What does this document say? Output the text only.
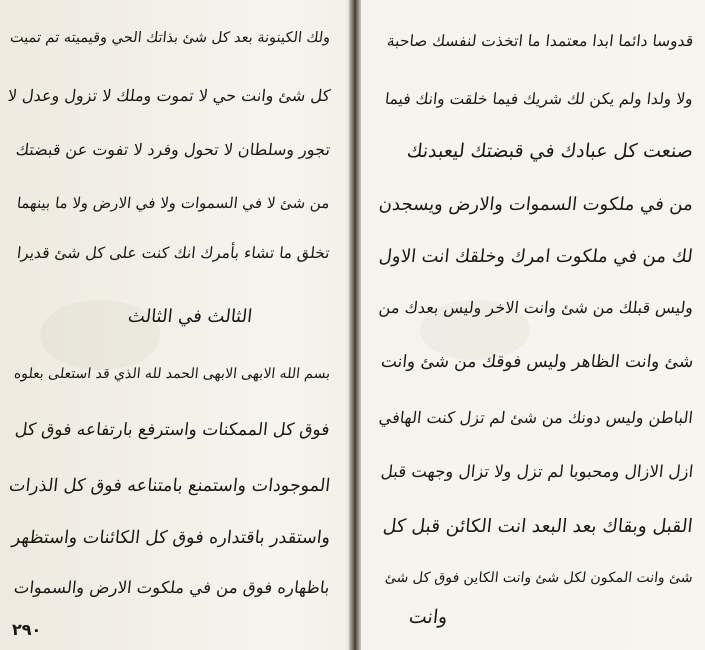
ولك الكينونة بعد كل شئ بذاتك الحي وقيميته تم تميت
كل شئ وانت حي لا تموت وملك لا تزول وعدل لا
تجور وسلطان لا تحول وفرد لا تفوت عن قبضتك
من شئ لا في السموات ولا في الارض ولا ما بينهما
تخلق ما تشاء بأمرك انك كنت على كل شئ قديرا
الثالث في الثالث
بسم الله الابهى الابهى الحمد لله الذي قد استعلى بعلوه
فوق كل الممكنات واسترفع بارتفاعه فوق كل
الموجودات واستمنع بامتناعه فوق كل الذرات
واستقدر باقتداره فوق كل الكائنات واستظهر
باظهاره فوق من في ملكوت الارض والسموات
٢٩٠
قدوسا دائما ابدا معتمدا ما اتخذت لنفسك صاحبة
ولا ولدا ولم يكن لك شريك فيما خلقت وانك فيما
صنعت كل عبادك في قبضتك ليعبدنك
من في ملكوت السموات والارض ويسجدن
لك من في ملكوت امرك وخلقك انت الاول
وليس قبلك من شئ وانت الاخر وليس بعدك من
شئ وانت الظاهر وليس فوقك من شئ وانت
الباطن وليس دونك من شئ لم تزل كنت الهافي
ازل الازال ومحبوبا لم تزل ولا تزال وجهت قبل
القبل وبقاك بعد البعد انت الكائن قبل كل
شئ وانت المكون لكل شئ وانت الكاين فوق كل شئ
وانت
